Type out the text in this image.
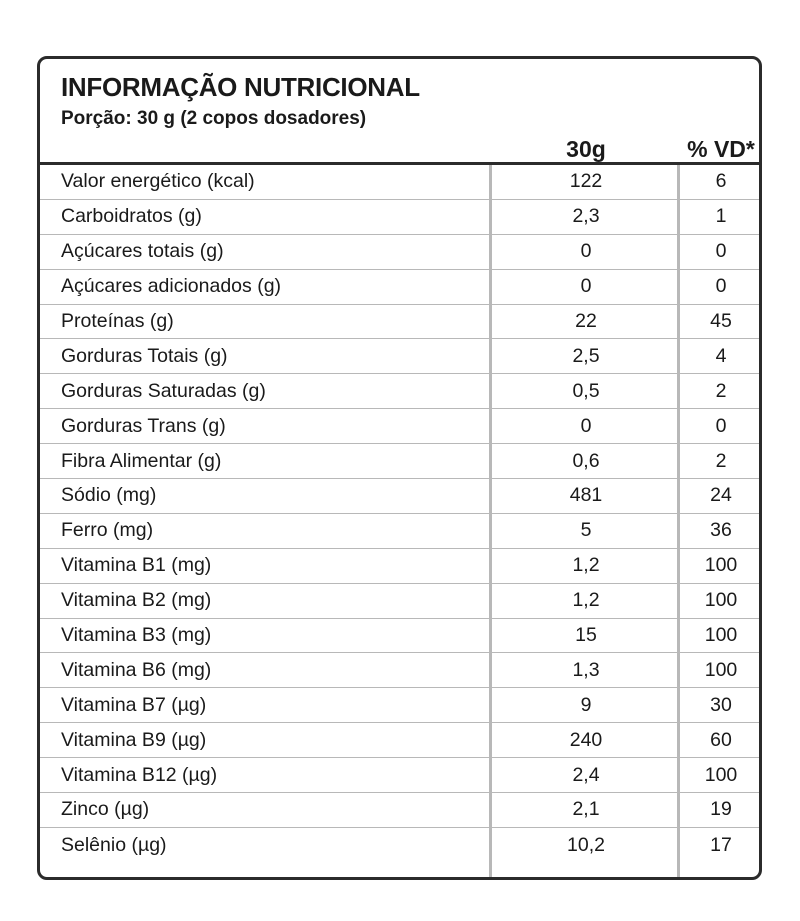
INFORMAÇÃO NUTRICIONAL
Porção: 30 g (2 copos dosadores)
30g	% VD*
Valor energético (kcal)	122	6
Carboidratos (g)	2,3	1
Açúcares totais (g)	0	0
Açúcares adicionados (g)	0	0
Proteínas (g)	22	45
Gorduras Totais (g)	2,5	4
Gorduras Saturadas (g)	0,5	2
Gorduras Trans (g)	0	0
Fibra Alimentar (g)	0,6	2
Sódio (mg)	481	24
Ferro (mg)	5	36
Vitamina B1 (mg)	1,2	100
Vitamina B2 (mg)	1,2	100
Vitamina B3 (mg)	15	100
Vitamina B6 (mg)	1,3	100
Vitamina B7 (µg)	9	30
Vitamina B9 (µg)	240	60
Vitamina B12 (µg)	2,4	100
Zinco (µg)	2,1	19
Selênio (µg)	10,2	17
